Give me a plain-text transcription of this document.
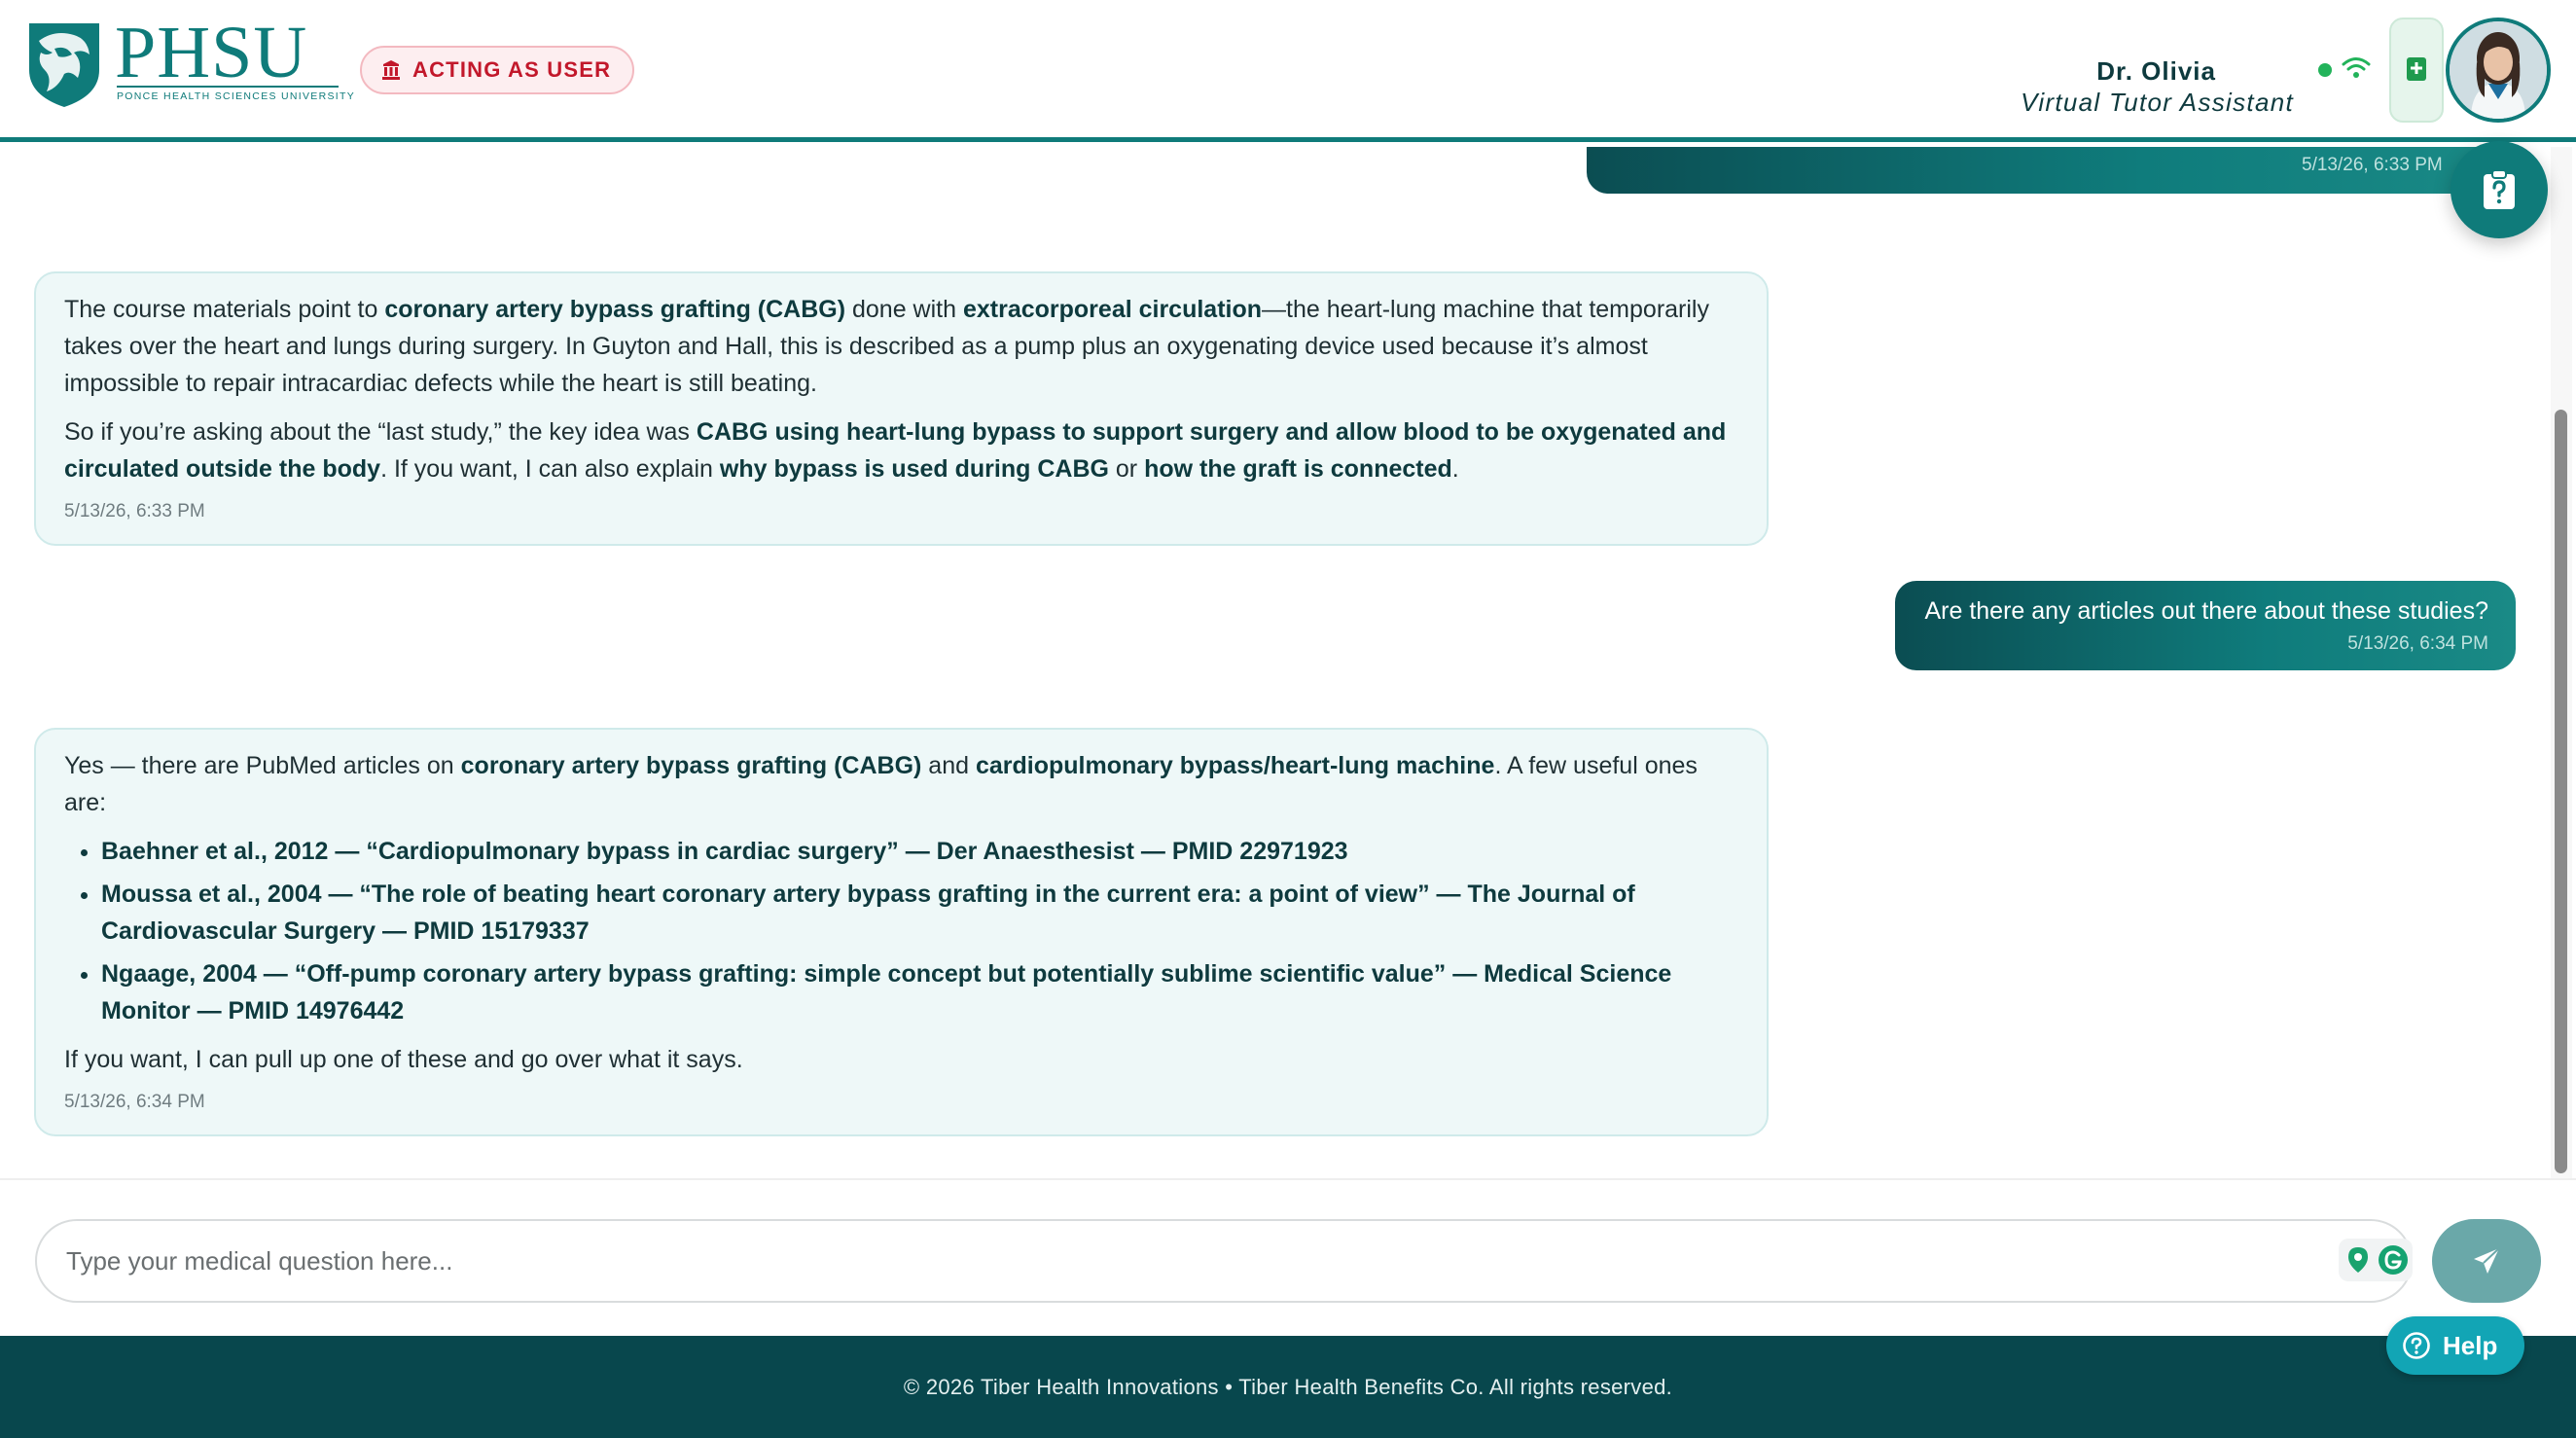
PHSU
PONCE HEALTH SCIENCES UNIVERSITY
ACTING AS USER	Dr. Olivia
Virtual Tutor Assistant
5/13/26, 6:33 PM

The course materials point to coronary artery bypass grafting (CABG) done with extracorporeal circulation—the heart-lung machine that temporarily takes over the heart and lungs during surgery. In Guyton and Hall, this is described as a pump plus an oxygenating device used because it’s almost impossible to repair intracardiac defects while the heart is still beating.

So if you’re asking about the “last study,” the key idea was CABG using heart-lung bypass to support surgery and allow blood to be oxygenated and circulated outside the body. If you want, I can also explain why bypass is used during CABG or how the graft is connected.

5/13/26, 6:33 PM
Are there any articles out there about these studies?
5/13/26, 6:34 PM

Yes — there are PubMed articles on coronary artery bypass grafting (CABG) and cardiopulmonary bypass/heart-lung machine. A few useful ones are:

• Baehner et al., 2012 — “Cardiopulmonary bypass in cardiac surgery” — Der Anaesthesist — PMID 22971923
• Moussa et al., 2004 — “The role of beating heart coronary artery bypass grafting in the current era: a point of view” — The Journal of Cardiovascular Surgery — PMID 15179337
• Ngaage, 2004 — “Off-pump coronary artery bypass grafting: simple concept but potentially sublime scientific value” — Medical Science Monitor — PMID 14976442

If you want, I can pull up one of these and go over what it says.

5/13/26, 6:34 PM
Type your medical question here...
Help
© 2026 Tiber Health Innovations • Tiber Health Benefits Co. All rights reserved.
